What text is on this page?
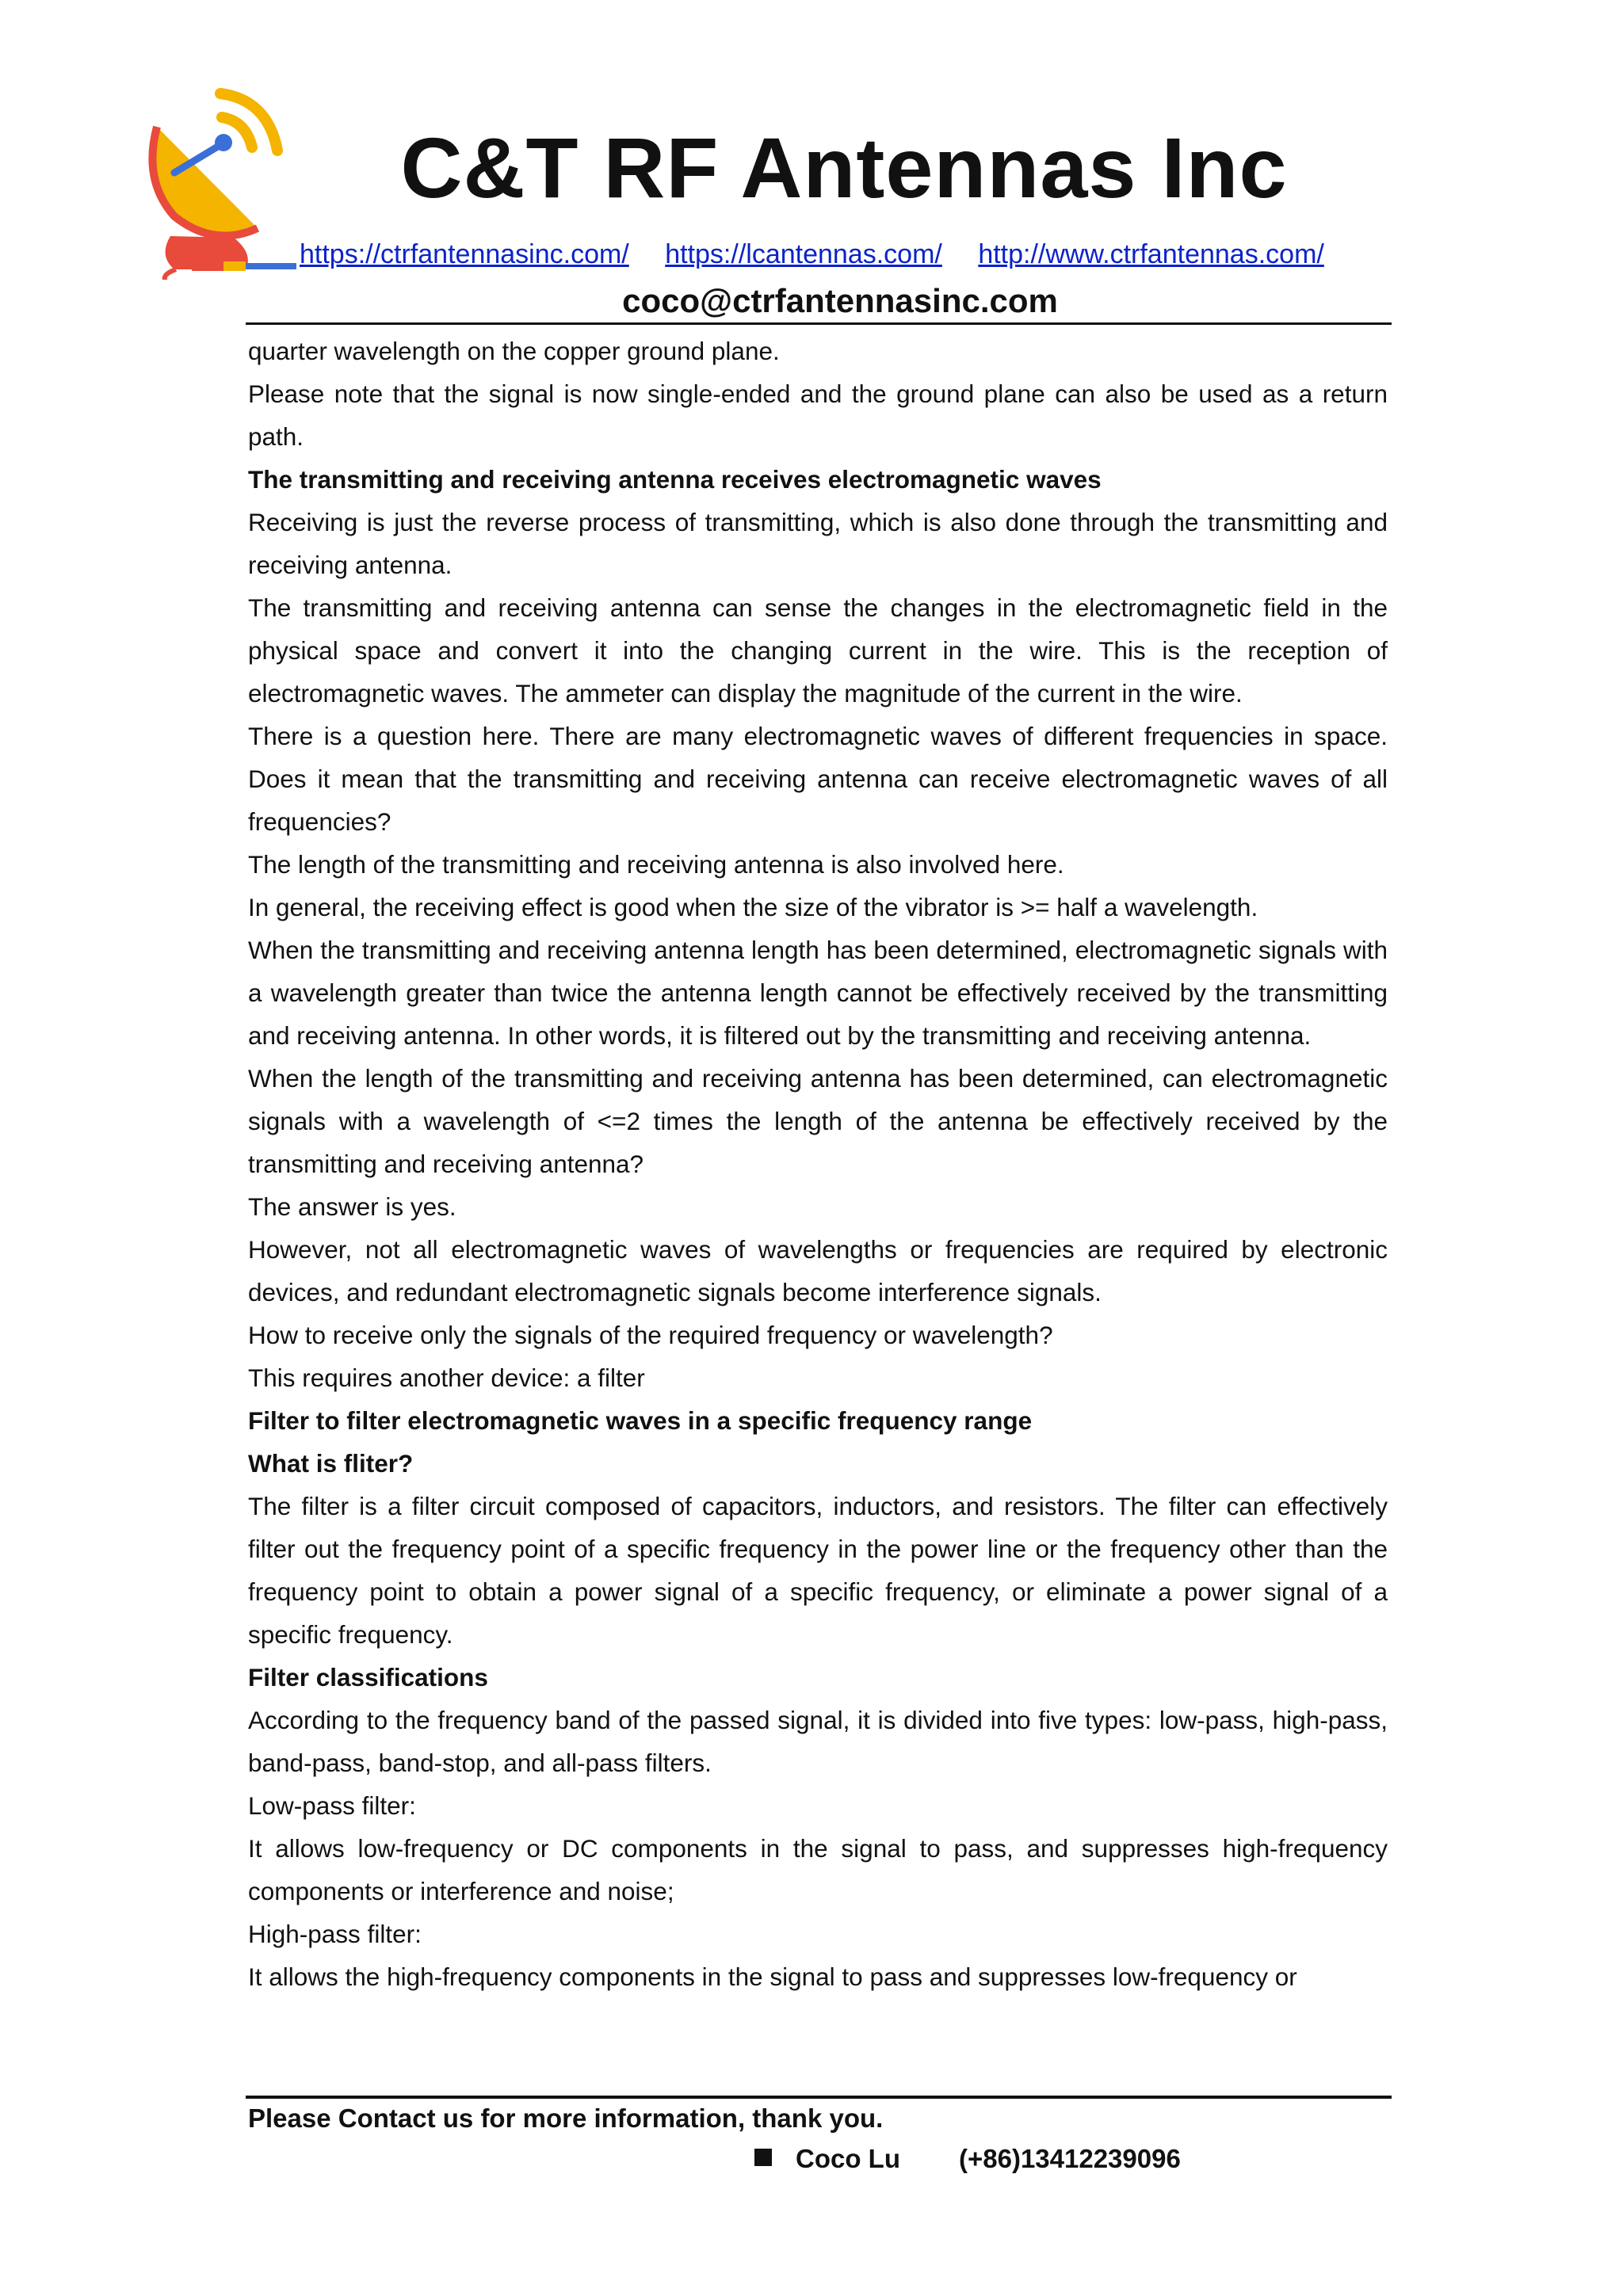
C&T RF Antennas Inc
https://ctrfantennasinc.com/ https://lcantennas.com/ http://www.ctrfantennas.com/
coco@ctrfantennasinc.com

quarter wavelength on the copper ground plane.

Please note that the signal is now single-ended and the ground plane can also be used as a return path.

The transmitting and receiving antenna receives electromagnetic waves

Receiving is just the reverse process of transmitting, which is also done through the transmitting and receiving antenna.

The transmitting and receiving antenna can sense the changes in the electromagnetic field in the physical space and convert it into the changing current in the wire. This is the reception of electromagnetic waves. The ammeter can display the magnitude of the current in the wire.

There is a question here. There are many electromagnetic waves of different frequencies in space. Does it mean that the transmitting and receiving antenna can receive electromagnetic waves of all frequencies?

The length of the transmitting and receiving antenna is also involved here.

In general, the receiving effect is good when the size of the vibrator is >= half a wavelength.

When the transmitting and receiving antenna length has been determined, electromagnetic signals with a wavelength greater than twice the antenna length cannot be effectively received by the transmitting and receiving antenna. In other words, it is filtered out by the transmitting and receiving antenna.

When the length of the transmitting and receiving antenna has been determined, can electromagnetic signals with a wavelength of <=2 times the length of the antenna be effectively received by the transmitting and receiving antenna?

The answer is yes.

However, not all electromagnetic waves of wavelengths or frequencies are required by electronic devices, and redundant electromagnetic signals become interference signals.

How to receive only the signals of the required frequency or wavelength?

This requires another device: a filter

Filter to filter electromagnetic waves in a specific frequency range

What is fliter?

The filter is a filter circuit composed of capacitors, inductors, and resistors. The filter can effectively filter out the frequency point of a specific frequency in the power line or the frequency other than the frequency point to obtain a power signal of a specific frequency, or eliminate a power signal of a specific frequency.

Filter classifications

According to the frequency band of the passed signal, it is divided into five types: low-pass, high-pass, band-pass, band-stop, and all-pass filters.

Low-pass filter:

It allows low-frequency or DC components in the signal to pass, and suppresses high-frequency components or interference and noise;

High-pass filter:

It allows the high-frequency components in the signal to pass and suppresses low-frequency or

Please Contact us for more information, thank you.
Coco Lu (+86)13412239096
